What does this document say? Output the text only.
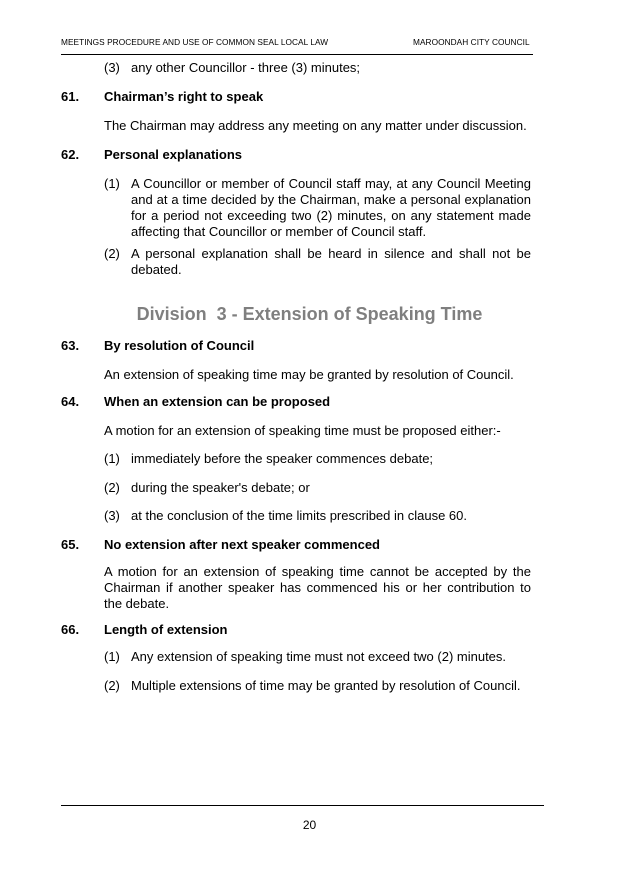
MEETINGS PROCEDURE AND USE OF COMMON SEAL LOCAL LAW	MAROONDAH CITY COUNCIL
(3) any other Councillor - three (3) minutes;
61. Chairman’s right to speak
The Chairman may address any meeting on any matter under discussion.
62. Personal explanations
(1) A Councillor or member of Council staff may, at any Council Meeting and at a time decided by the Chairman, make a personal explanation for a period not exceeding two (2) minutes, on any statement made affecting that Councillor or member of Council staff.
(2) A personal explanation shall be heard in silence and shall not be debated.
Division  3 - Extension of Speaking Time
63. By resolution of Council
An extension of speaking time may be granted by resolution of Council.
64. When an extension can be proposed
A motion for an extension of speaking time must be proposed either:-
(1) immediately before the speaker commences debate;
(2) during the speaker's debate; or
(3) at the conclusion of the time limits prescribed in clause 60.
65. No extension after next speaker commenced
A motion for an extension of speaking time cannot be accepted by the Chairman if another speaker has commenced his or her contribution to the debate.
66. Length of extension
(1) Any extension of speaking time must not exceed two (2) minutes.
(2) Multiple extensions of time may be granted by resolution of Council.
20
